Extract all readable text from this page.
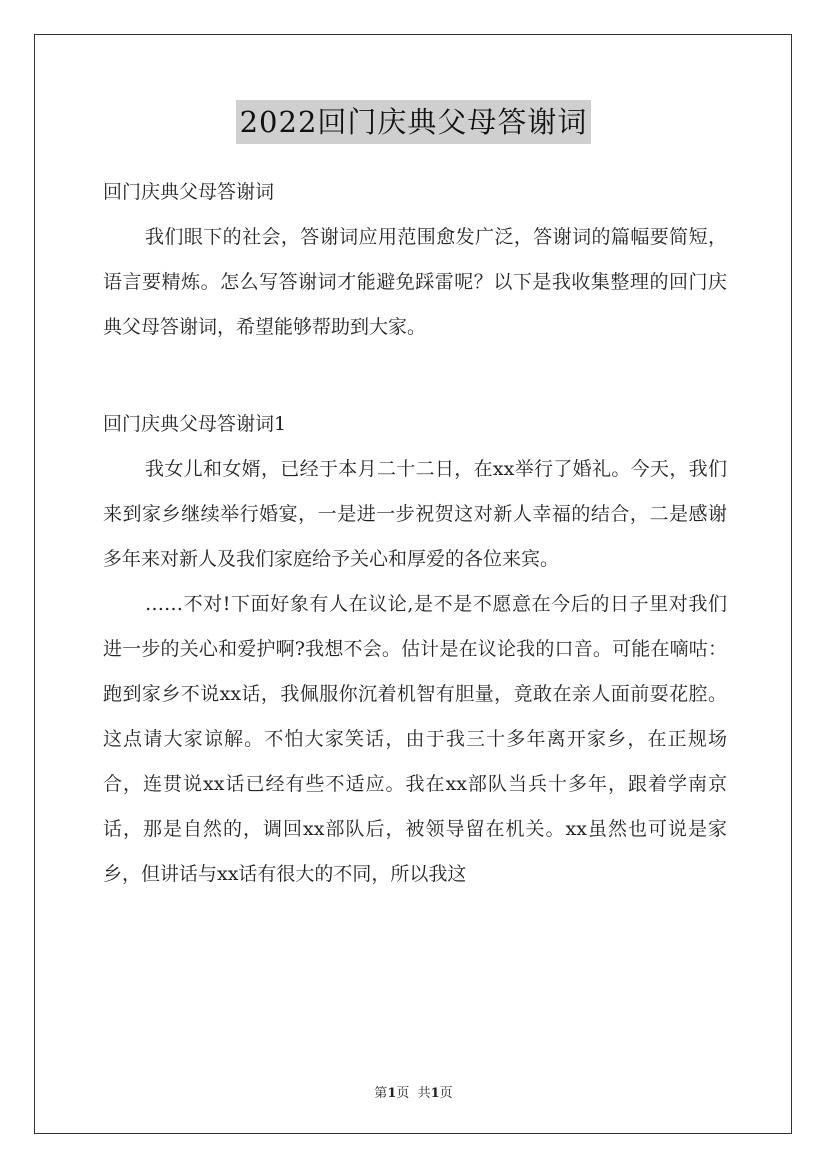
2022回门庆典父母答谢词

回门庆典父母答谢词

我们眼下的社会，答谢词应用范围愈发广泛，答谢词的篇幅要简短，语言要精炼。怎么写答谢词才能避免踩雷呢？以下是我收集整理的回门庆典父母答谢词，希望能够帮助到大家。

回门庆典父母答谢词1

我女儿和女婿，已经于本月二十二日，在xx举行了婚礼。今天，我们来到家乡继续举行婚宴，一是进一步祝贺这对新人幸福的结合，二是感谢多年来对新人及我们家庭给予关心和厚爱的各位来宾。

……不对!下面好象有人在议论,是不是不愿意在今后的日子里对我们进一步的关心和爱护啊?我想不会。估计是在议论我的口音。可能在嘀咕：跑到家乡不说xx话，我佩服你沉着机智有胆量，竟敢在亲人面前耍花腔。这点请大家谅解。不怕大家笑话，由于我三十多年离开家乡，在正规场合，连贯说xx话已经有些不适应。我在xx部队当兵十多年，跟着学南京话，那是自然的，调回xx部队后，被领导留在机关。xx虽然也可说是家乡，但讲话与xx话有很大的不同，所以我这

第1页  共1页
